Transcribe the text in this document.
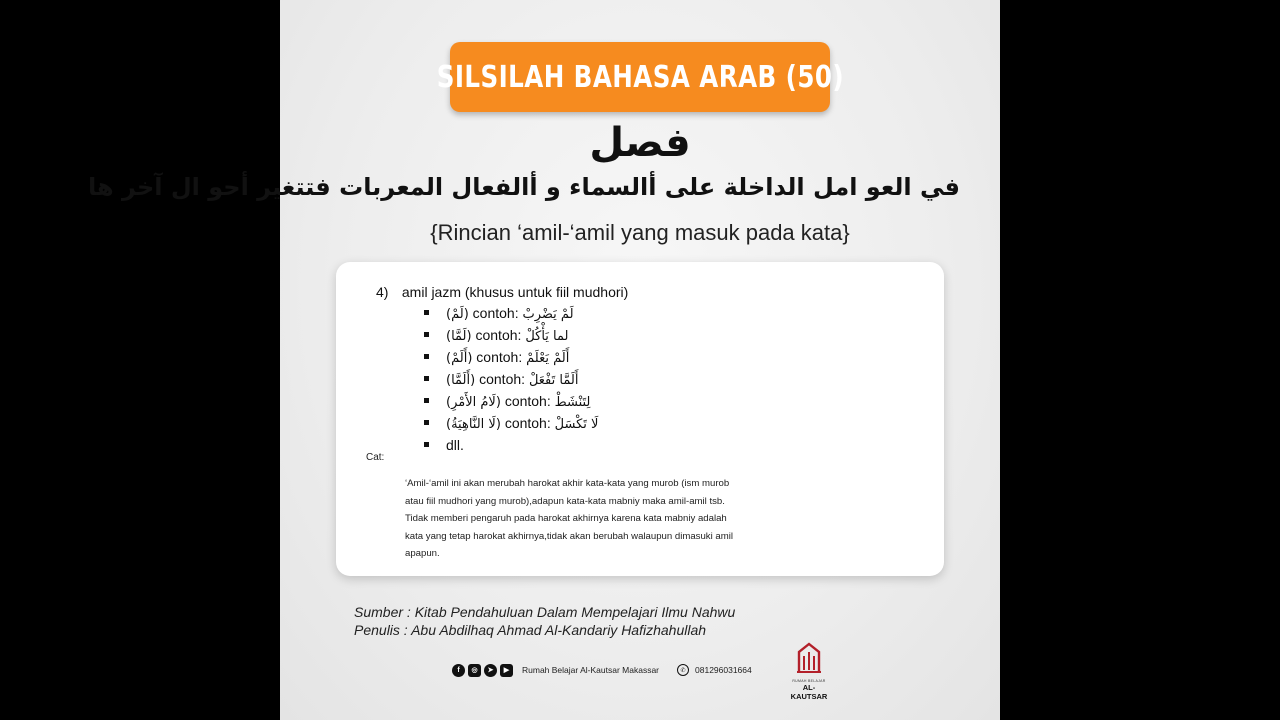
SILSILAH BAHASA ARAB (50)
فصل
في العو امل الداخلة على أالسماء و أالفعال المعربات فتتغير أحو ال آخر ها
{Rincian ‘amil-‘amil yang masuk pada kata}
4) amil jazm (khusus untuk fiil mudhori)
(لَمْ) contoh: لَمْ يَضْرِبْ
(لَمَّا) contoh: لما يَأْكُلْ
(أَلَمْ) contoh: أَلَمْ يَعْلَمْ
(أَلَمَّا) contoh: أَلَمَّا تَفْعَلْ
(لَامُ الأَمْرِ) contoh: لِتَنْشَطْ
(لَا النَّاهِيَةُ) contoh: لَا تَكْسَلْ
dll.
Cat:
‘Amil-‘amil ini akan merubah harokat akhir kata-kata yang murob (ism murob
atau fiil mudhori yang murob),adapun kata-kata mabniy maka amil-amil tsb.
Tidak memberi pengaruh pada harokat akhirnya karena kata mabniy adalah
kata yang tetap harokat akhirnya,tidak akan berubah walaupun dimasuki amil
apapun.
Sumber : Kitab Pendahuluan Dalam Mempelajari Ilmu Nahwu
Penulis : Abu Abdilhaq Ahmad Al-Kandariy Hafizhahullah
f	◎	➤	▶	Rumah Belajar Al-Kautsar Makassar	✆	081296031664
RUMAH BELAJAR
AL-KAUTSAR
